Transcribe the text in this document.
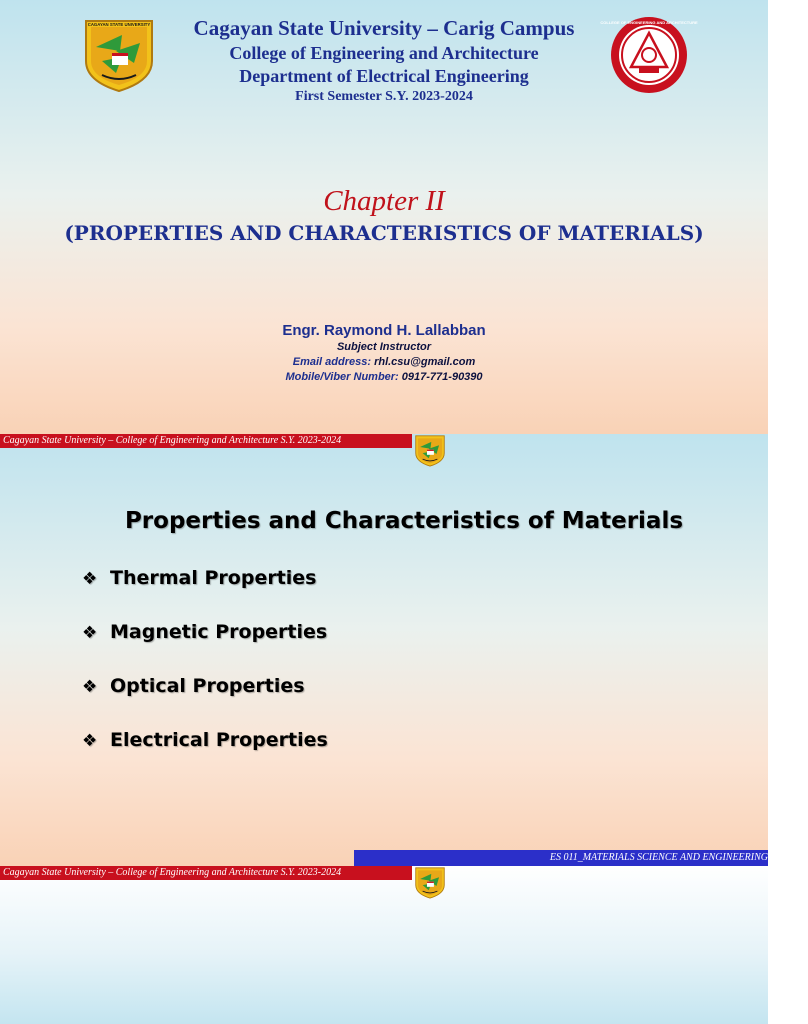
CAGAYAN STATE UNIVERSITY	COLLEGE OF ENGINEERING AND ARCHITECTURE
Cagayan State University – Carig Campus
College of Engineering and Architecture
Department of Electrical Engineering
First Semester S.Y. 2023-2024
Chapter II
(PROPERTIES AND CHARACTERISTICS OF MATERIALS)
Engr. Raymond H. Lallabban
Subject Instructor
Email address: rhl.csu@gmail.com
Mobile/Viber Number: 0917-771-90390
Cagayan State University – College of Engineering and Architecture S.Y. 2023-2024
Properties and Characteristics of Materials
❖ Thermal Properties
❖ Magnetic Properties
❖ Optical Properties
❖ Electrical Properties
ES 011_MATERIALS SCIENCE AND ENGINEERING
Cagayan State University – College of Engineering and Architecture S.Y. 2023-2024
